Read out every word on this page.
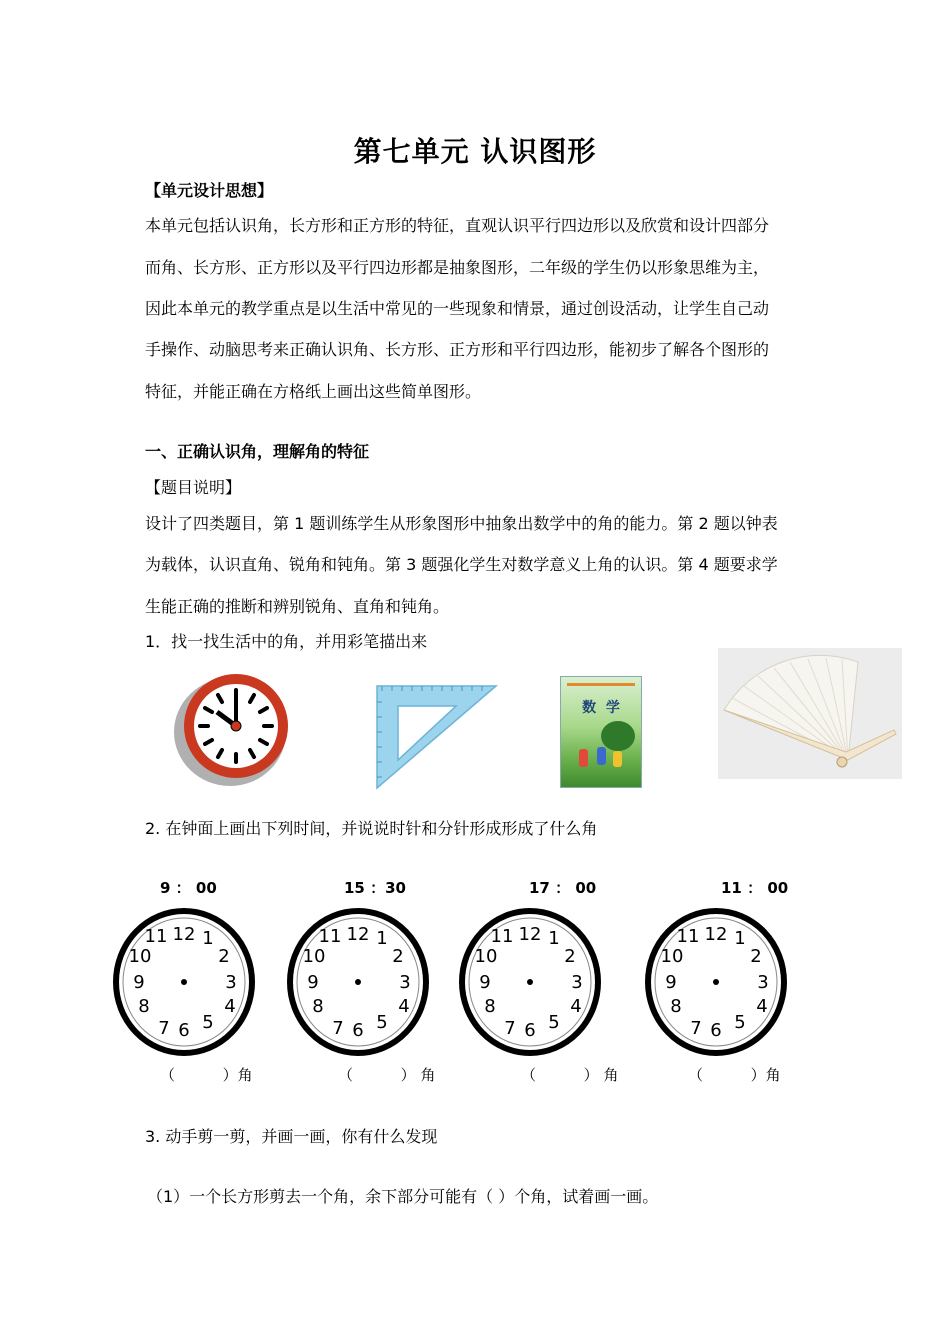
第七单元 认识图形
【单元设计思想】
本单元包括认识角，长方形和正方形的特征，直观认识平行四边形以及欣赏和设计四部分
而角、长方形、正方形以及平行四边形都是抽象图形，二年级的学生仍以形象思维为主，
因此本单元的教学重点是以生活中常见的一些现象和情景，通过创设活动，让学生自己动
手操作、动脑思考来正确认识角、长方形、正方形和平行四边形，能初步了解各个图形的
特征，并能正确在方格纸上画出这些简单图形。
一、正确认识角，理解角的特征
【题目说明】
设计了四类题目，第 1 题训练学生从形象图形中抽象出数学中的角的能力。第 2 题以钟表
为载体，认识直角、锐角和钝角。第 3 题强化学生对数学意义上角的认识。第 4 题要求学
生能正确的推断和辨别锐角、直角和钝角。
1．找一找生活中的角，并用彩笔描出来
数  学
2. 在钟面上画出下列时间，并说说时针和分针形成形成了什么角
9 ： 00	15 ：30	17 ： 00	11 ： 00
12
11
2
10
9	3
8	4
7 6 5
1	12
11
2
10
9	3
8	4
7 6 5
1	12
11
2
10
9	3
8	4
7 6 5
1	12
11
2
10
9	3
8	4
7 6 5
1
（          ）角	（          ） 角	（          ） 角	（          ）角
3. 动手剪一剪，并画一画，你有什么发现
（1）一个长方形剪去一个角，余下部分可能有（ ）个角，试着画一画。
